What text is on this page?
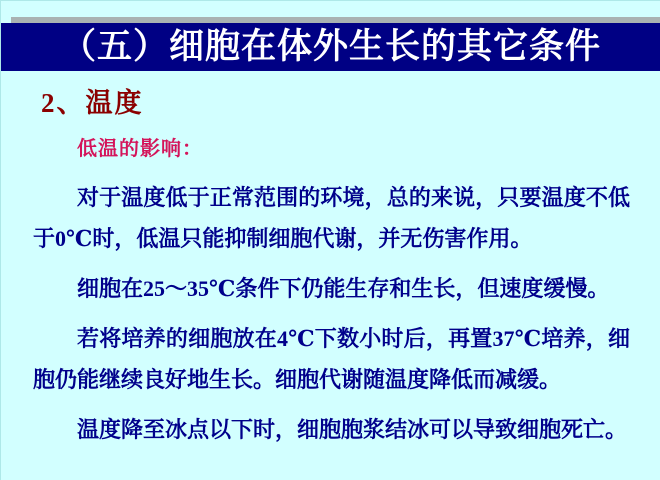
（五）细胞在体外生长的其它条件
2、温度
低温的影响：

对于温度低于正常范围的环境，总的来说，只要温度不低于0℃时，低温只能抑制细胞代谢，并无伤害作用。

细胞在25～35℃条件下仍能生存和生长，但速度缓慢。

若将培养的细胞放在4℃下数小时后，再置37℃培养，细胞仍能继续良好地生长。细胞代谢随温度降低而减缓。

温度降至冰点以下时，细胞胞浆结冰可以导致细胞死亡。
